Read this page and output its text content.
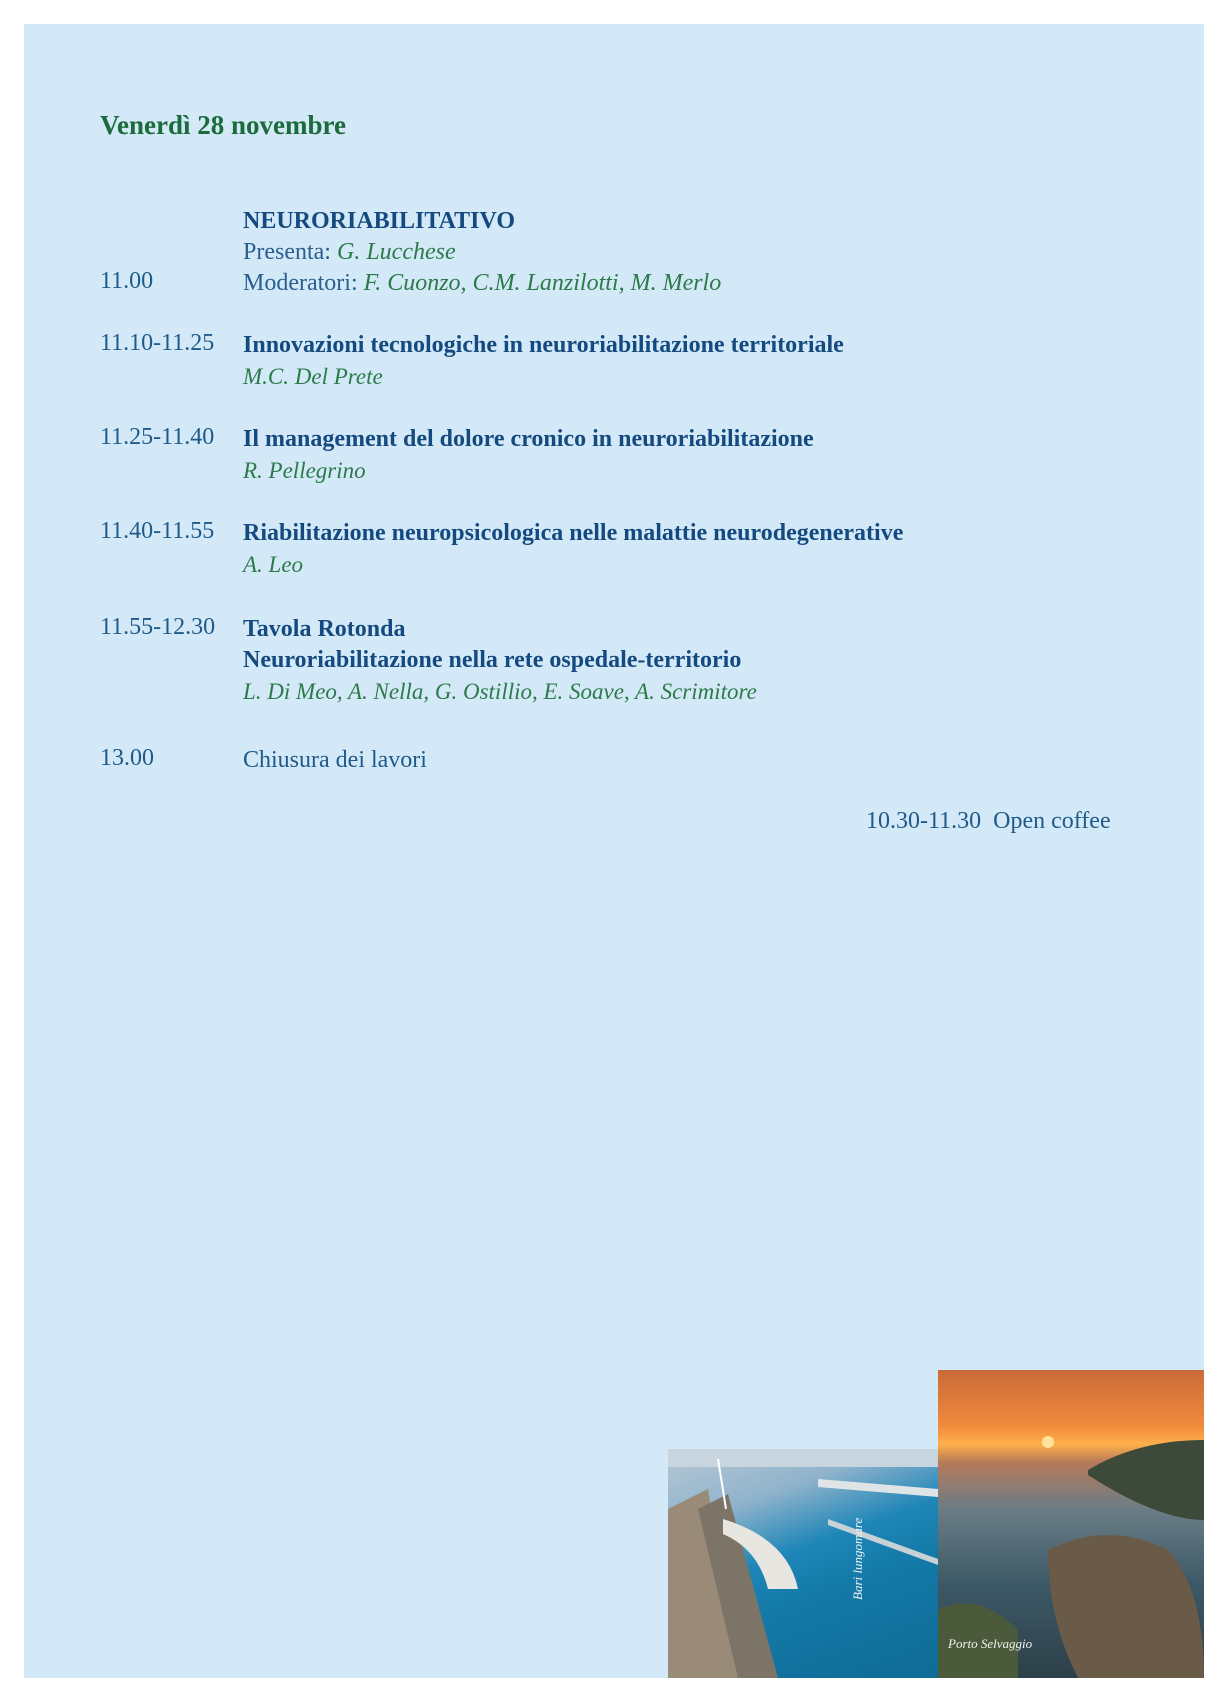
Venerdì 28 novembre
NEURORIABILITATIVO
Presenta: G. Lucchese
11.00	Moderatori: F. Cuonzo, C.M. Lanzilotti, M. Merlo
11.10-11.25 Innovazioni tecnologiche in neuroriabilitazione territoriale
M.C. Del Prete
11.25-11.40 Il management del dolore cronico in neuroriabilitazione
R. Pellegrino
11.40-11.55 Riabilitazione neuropsicologica nelle malattie neurodegenerative
A. Leo
11.55-12.30 Tavola Rotonda
Neuroriabilitazione nella rete ospedale-territorio
L. Di Meo, A. Nella, G. Ostillio, E. Soave, A. Scrimitore
13.00	Chiusura dei lavori
10.30-11.30 Open coffee
Bari lungomare
Porto Selvaggio
